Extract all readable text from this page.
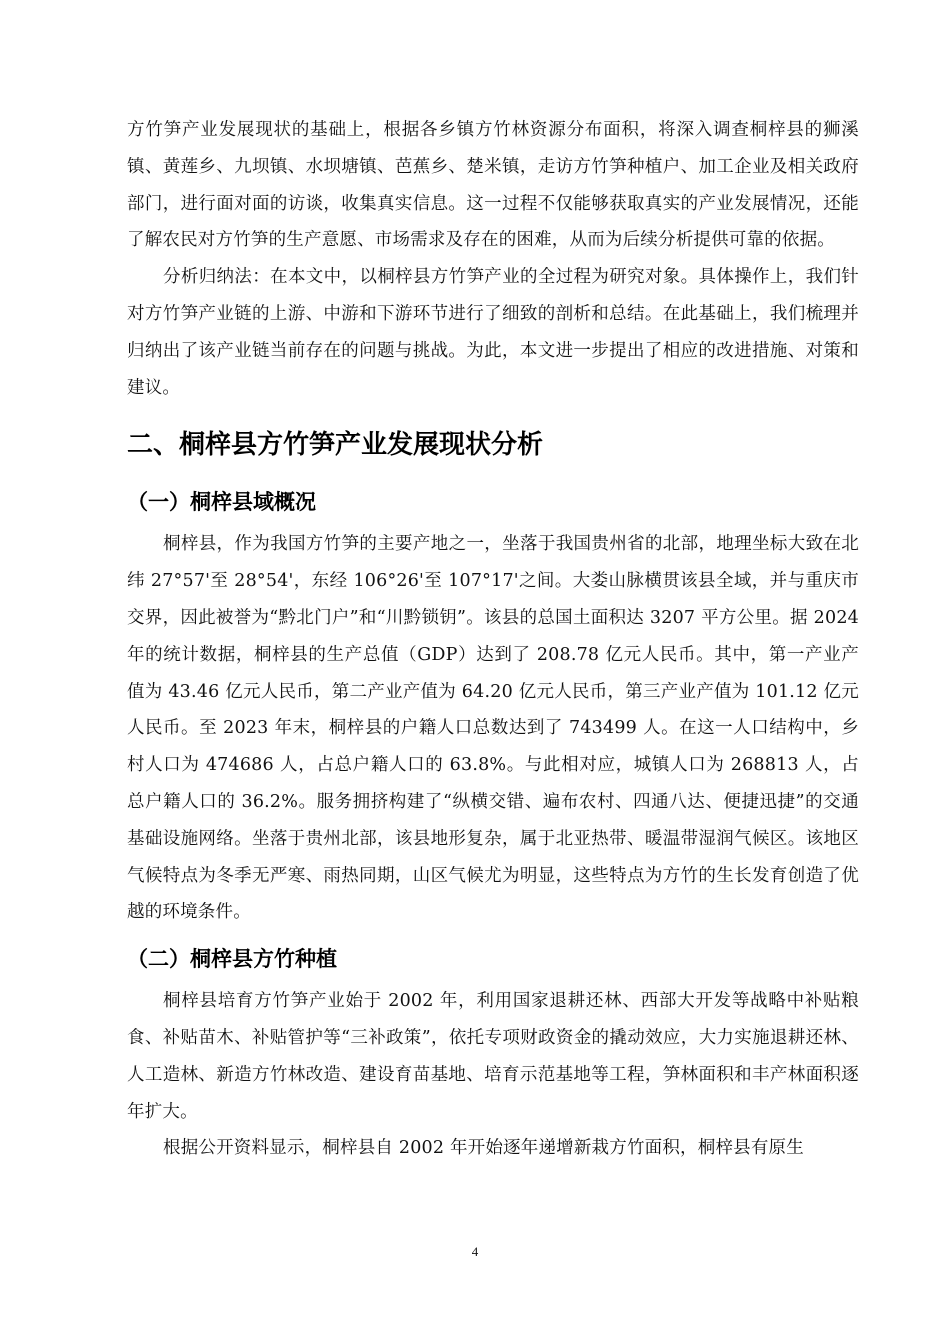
方竹笋产业发展现状的基础上，根据各乡镇方竹林资源分布面积，将深入调查桐梓县的狮溪镇、黄莲乡、九坝镇、水坝塘镇、芭蕉乡、楚米镇，走访方竹笋种植户、加工企业及相关政府部门，进行面对面的访谈，收集真实信息。这一过程不仅能够获取真实的产业发展情况，还能了解农民对方竹笋的生产意愿、市场需求及存在的困难，从而为后续分析提供可靠的依据。

分析归纳法：在本文中，以桐梓县方竹笋产业的全过程为研究对象。具体操作上，我们针对方竹笋产业链的上游、中游和下游环节进行了细致的剖析和总结。在此基础上，我们梳理并归纳出了该产业链当前存在的问题与挑战。为此，本文进一步提出了相应的改进措施、对策和建议。

二、桐梓县方竹笋产业发展现状分析
（一）桐梓县域概况

桐梓县，作为我国方竹笋的主要产地之一，坐落于我国贵州省的北部，地理坐标大致在北纬 27°57'至 28°54'，东经 106°26'至 107°17'之间。大娄山脉横贯该县全域，并与重庆市交界，因此被誉为“黔北门户”和“川黔锁钥”。该县的总国土面积达 3207 平方公里。据 2024 年的统计数据，桐梓县的生产总值（GDP）达到了 208.78 亿元人民币。其中，第一产业产值为 43.46 亿元人民币，第二产业产值为 64.20 亿元人民币，第三产业产值为 101.12 亿元人民币。至 2023 年末，桐梓县的户籍人口总数达到了 743499 人。在这一人口结构中，乡村人口为 474686 人，占总户籍人口的 63.8%。与此相对应，城镇人口为 268813 人，占总户籍人口的 36.2%。服务拥挤构建了“纵横交错、遍布农村、四通八达、便捷迅捷”的交通基础设施网络。坐落于贵州北部，该县地形复杂，属于北亚热带、暖温带湿润气候区。该地区气候特点为冬季无严寒、雨热同期，山区气候尤为明显，这些特点为方竹的生长发育创造了优越的环境条件。

（二）桐梓县方竹种植

桐梓县培育方竹笋产业始于 2002 年，利用国家退耕还林、西部大开发等战略中补贴粮食、补贴苗木、补贴管护等“三补政策”，依托专项财政资金的撬动效应，大力实施退耕还林、人工造林、新造方竹林改造、建设育苗基地、培育示范基地等工程，笋林面积和丰产林面积逐年扩大。

根据公开资料显示，桐梓县自 2002 年开始逐年递增新栽方竹面积，桐梓县有原生

4
